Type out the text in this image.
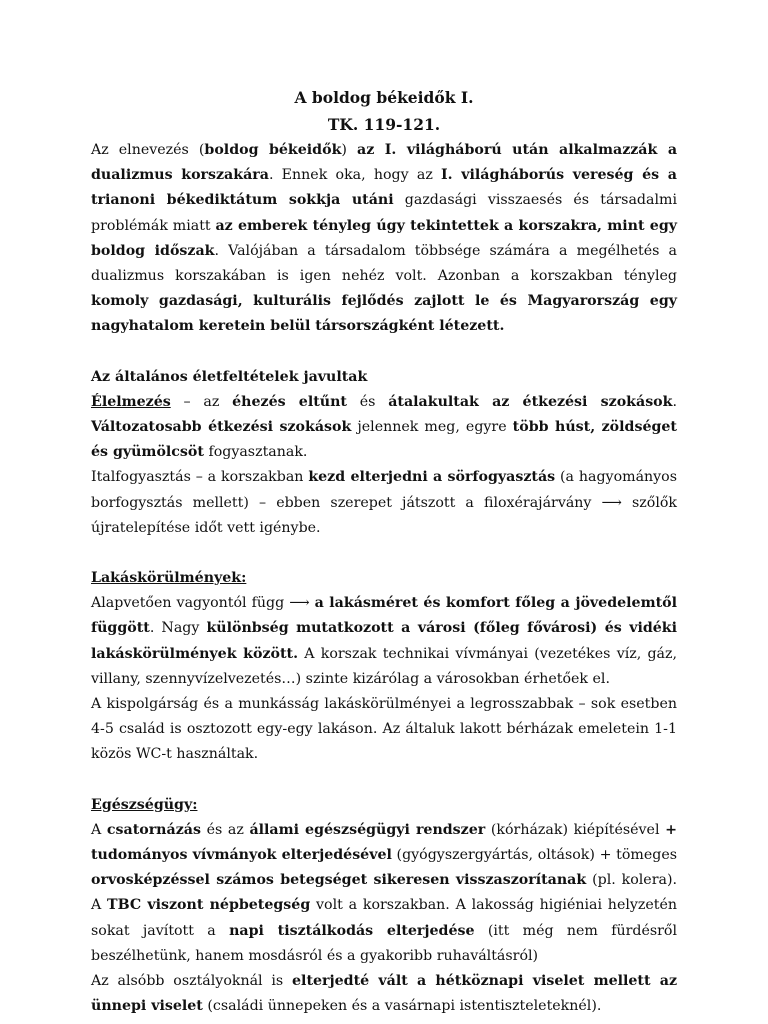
A boldog békeidők I.
TK. 119-121.

Az elnevezés (boldog békeidők) az I. világháború után alkalmazzák a dualizmus korszakára. Ennek oka, hogy az I. világháborús vereség és a trianoni békediktátum sokkja utáni gazdasági visszaesés és társadalmi problémák miatt az emberek tényleg úgy tekintettek a korszakra, mint egy boldog időszak. Valójában a társadalom többsége számára a megélhetés a dualizmus korszakában is igen nehéz volt. Azonban a korszakban tényleg komoly gazdasági, kulturális fejlődés zajlott le és Magyarország egy nagyhatalom keretein belül társországként létezett.

Az általános életfeltételek javultak

Élelmezés – az éhezés eltűnt és átalakultak az étkezési szokások. Változatosabb étkezési szokások jelennek meg, egyre több húst, zöldséget és gyümölcsöt fogyasztanak.

Italfogyasztás – a korszakban kezd elterjedni a sörfogyasztás (a hagyományos borfogysztás mellett) – ebben szerepet játszott a filoxérajárvány ⟶ szőlők újratelepítése időt vett igénybe.

Lakáskörülmények:

Alapvetően vagyontól függ ⟶ a lakásméret és komfort főleg a jövedelemtől függött. Nagy különbség mutatkozott a városi (főleg fővárosi) és vidéki lakáskörülmények között. A korszak technikai vívmányai (vezetékes víz, gáz, villany, szennyvízelvezetés…) szinte kizárólag a városokban érhetőek el.

A kispolgárság és a munkásság lakáskörülményei a legrosszabbak – sok esetben 4-5 család is osztozott egy-egy lakáson. Az általuk lakott bérházak emeletein 1-1 közös WC-t használtak.

Egészségügy:

A csatornázás és az állami egészségügyi rendszer (kórházak) kiépítésével + tudományos vívmányok elterjedésével (gyógyszergyártás, oltások) + tömeges orvosképzéssel számos betegséget sikeresen visszaszorítanak (pl. kolera). A TBC viszont népbetegség volt a korszakban. A lakosság higiéniai helyzetén sokat javított a napi tisztálkodás elterjedése (itt még nem fürdésről beszélhetünk, hanem mosdásról és a gyakoribb ruhaváltásról)

Az alsóbb osztályoknál is elterjedté vált a hétköznapi viselet mellett az ünnepi viselet (családi ünnepeken és a vasárnapi istentiszteleteknél).
